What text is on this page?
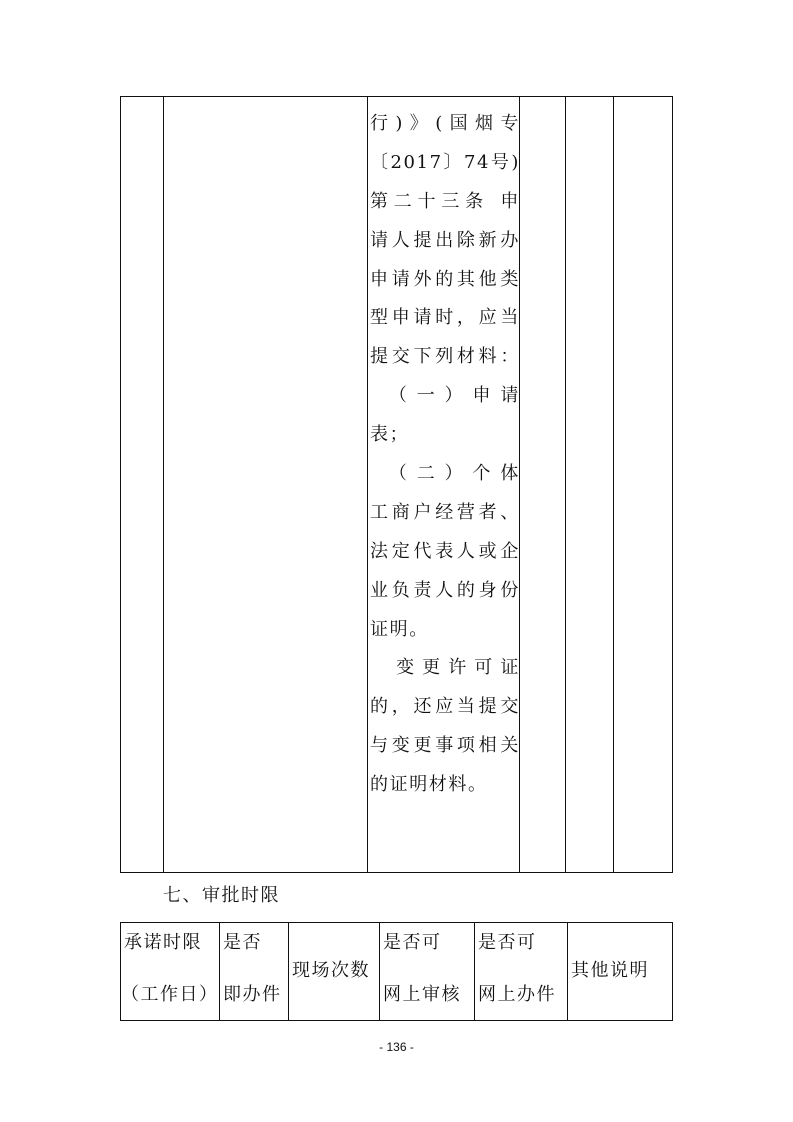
行)》(国烟专
〔2017〕74号)
第二十三条 申
请人提出除新办
申请外的其他类
型申请时，应当
提交下列材料：
　（一）申请
表；
　（二）个体
工商户经营者、
法定代表人或企
业负责人的身份
证明。
　变更许可证
的，还应当提交
与变更事项相关
的证明材料。
七、审批时限
承诺时限
（工作日）
是否
即办件
现场次数
是否可
网上审核
是否可
网上办件
其他说明
- 136 -
